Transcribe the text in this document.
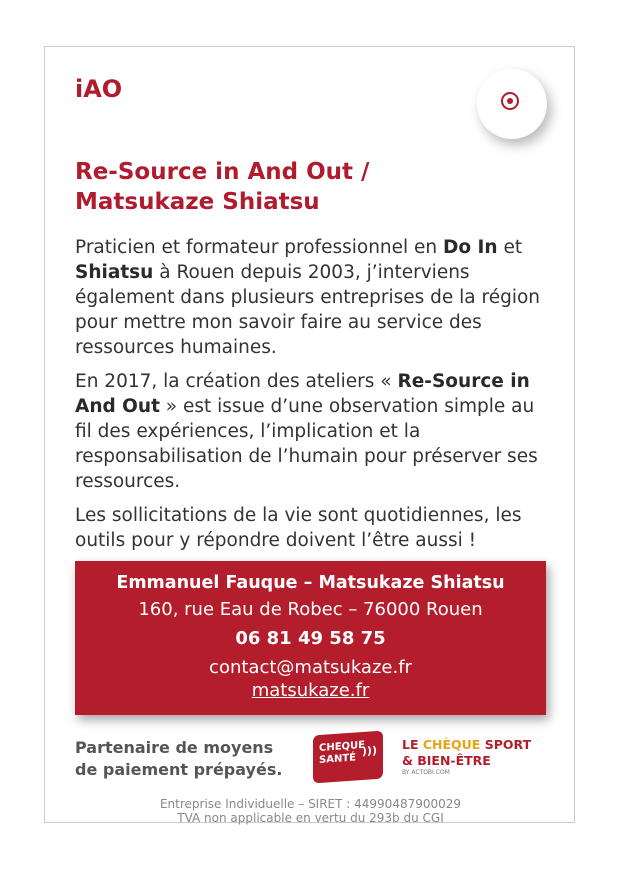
iAO
Re-Source in And Out /
Matsukaze Shiatsu

Praticien et formateur professionnel en Do In et Shiatsu à Rouen depuis 2003, j’interviens également dans plusieurs entreprises de la région pour mettre mon savoir faire au service des ressources humaines.

En 2017, la création des ateliers « Re-Source in And Out » est issue d’une observation simple au fil des expériences, l’implication et la responsabilisation de l’humain pour préserver ses ressources.

Les sollicitations de la vie sont quotidiennes, les outils pour y répondre doivent l’être aussi !

Emmanuel Fauque – Matsukaze Shiatsu
160, rue Eau de Robec – 76000 Rouen
06 81 49 58 75
contact@matsukaze.fr
matsukaze.fr
Partenaire de moyens
de paiement prépayés.
CHEQUE
SANTÉ
))) LE CHÈQUE SPORT
& BIEN-ÊTRE
BY ACTOBI.COM
Entreprise Individuelle – SIRET : 44990487900029
TVA non applicable en vertu du 293b du CGI
